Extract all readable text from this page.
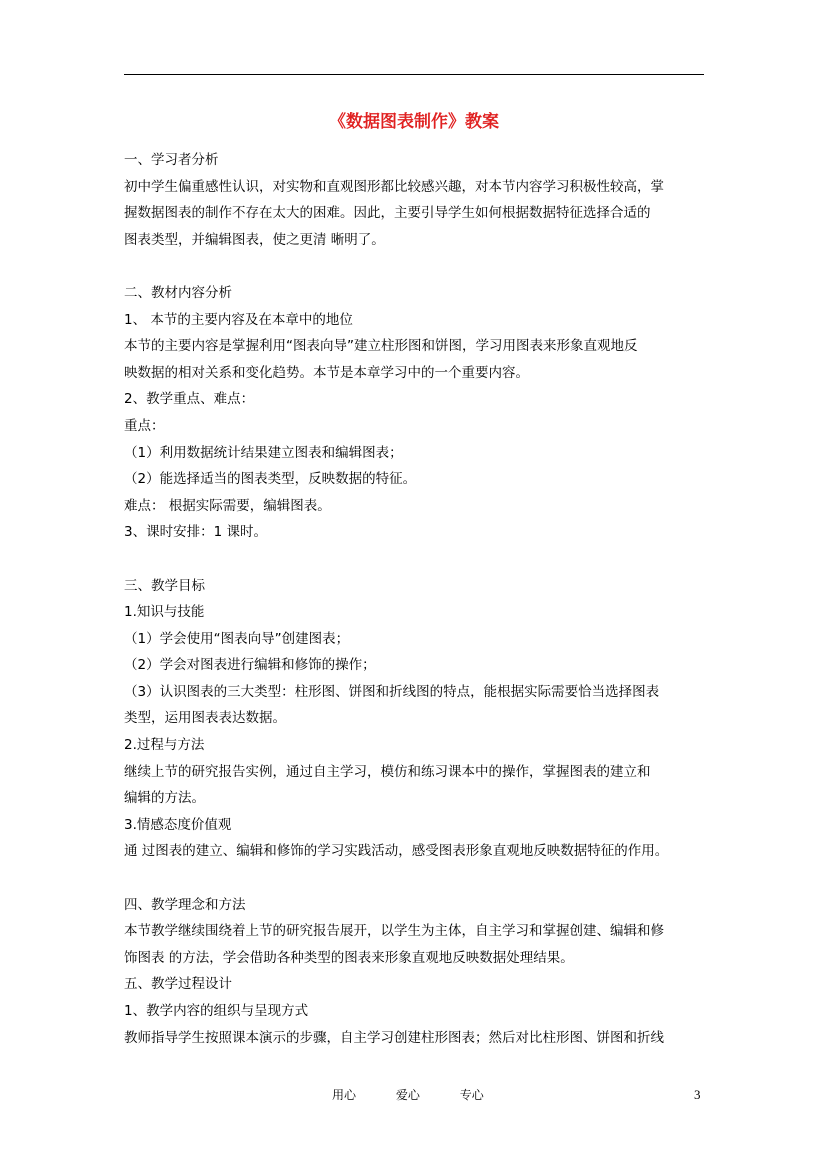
《数据图表制作》教案
一、学习者分析
初中学生偏重感性认识，对实物和直观图形都比较感兴趣，对本节内容学习积极性较高，掌
握数据图表的制作不存在太大的困难。因此，主要引导学生如何根据数据特征选择合适的
图表类型，并编辑图表，使之更清 晰明了。
二、教材内容分析
1、 本节的主要内容及在本章中的地位
本节的主要内容是掌握利用“图表向导”建立柱形图和饼图，学习用图表来形象直观地反
映数据的相对关系和变化趋势。本节是本章学习中的一个重要内容。
2、教学重点、难点：
重点：
（1）利用数据统计结果建立图表和编辑图表；
（2）能选择适当的图表类型，反映数据的特征。
难点： 根据实际需要，编辑图表。
3、课时安排：1 课时。
三、教学目标
1.知识与技能
（1）学会使用“图表向导”创建图表；
（2）学会对图表进行编辑和修饰的操作；
（3）认识图表的三大类型：柱形图、饼图和折线图的特点，能根据实际需要恰当选择图表
类型，运用图表表达数据。
2.过程与方法
继续上节的研究报告实例，通过自主学习，模仿和练习课本中的操作，掌握图表的建立和
编辑的方法。
3.情感态度价值观
通 过图表的建立、编辑和修饰的学习实践活动，感受图表形象直观地反映数据特征的作用。
四、教学理念和方法
本节教学继续围绕着上节的研究报告展开，以学生为主体，自主学习和掌握创建、编辑和修
饰图表 的方法，学会借助各种类型的图表来形象直观地反映数据处理结果。
五、教学过程设计
1、教学内容的组织与呈现方式
教师指导学生按照课本演示的步骤，自主学习创建柱形图表；然后对比柱形图、饼图和折线
用心	爱心	专心	3
